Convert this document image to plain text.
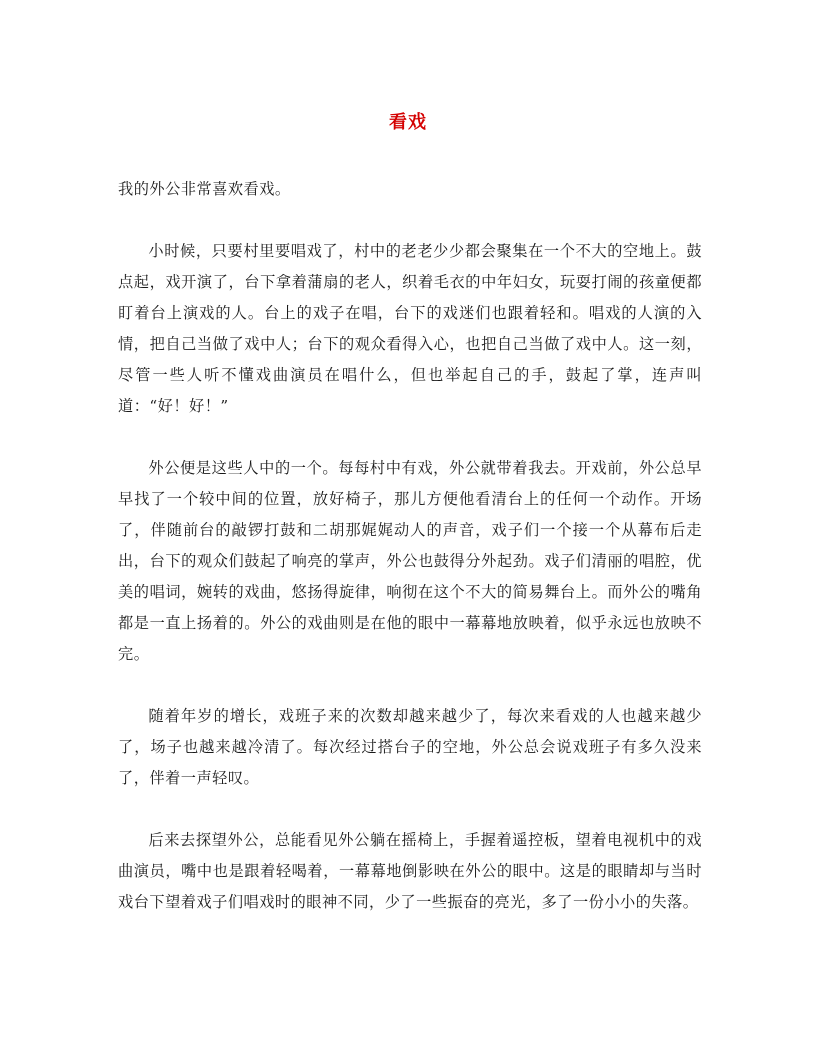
看戏

我的外公非常喜欢看戏。

小时候，只要村里要唱戏了，村中的老老少少都会聚集在一个不大的空地上。鼓点起，戏开演了，台下拿着蒲扇的老人，织着毛衣的中年妇女，玩耍打闹的孩童便都盯着台上演戏的人。台上的戏子在唱，台下的戏迷们也跟着轻和。唱戏的人演的入情，把自己当做了戏中人；台下的观众看得入心，也把自己当做了戏中人。这一刻，尽管一些人听不懂戏曲演员在唱什么，但也举起自己的手，鼓起了掌，连声叫道：“好！好！”

外公便是这些人中的一个。每每村中有戏，外公就带着我去。开戏前，外公总早早找了一个较中间的位置，放好椅子，那儿方便他看清台上的任何一个动作。开场了，伴随前台的敲锣打鼓和二胡那娓娓动人的声音，戏子们一个接一个从幕布后走出，台下的观众们鼓起了响亮的掌声，外公也鼓得分外起劲。戏子们清丽的唱腔，优美的唱词，婉转的戏曲，悠扬得旋律，响彻在这个不大的简易舞台上。而外公的嘴角都是一直上扬着的。外公的戏曲则是在他的眼中一幕幕地放映着，似乎永远也放映不完。

随着年岁的增长，戏班子来的次数却越来越少了，每次来看戏的人也越来越少了，场子也越来越冷清了。每次经过搭台子的空地，外公总会说戏班子有多久没来了，伴着一声轻叹。

后来去探望外公，总能看见外公躺在摇椅上，手握着遥控板，望着电视机中的戏曲演员，嘴中也是跟着轻喝着，一幕幕地倒影映在外公的眼中。这是的眼睛却与当时戏台下望着戏子们唱戏时的眼神不同，少了一些振奋的亮光，多了一份小小的失落。
